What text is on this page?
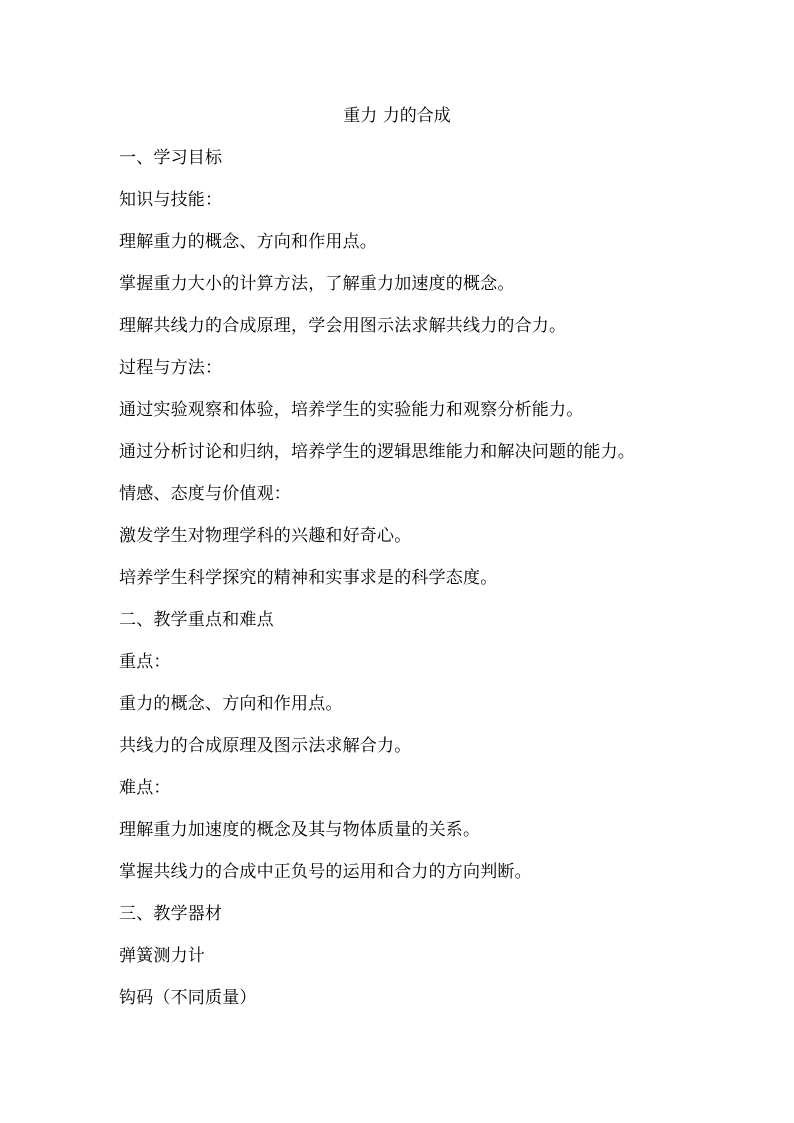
重力 力的合成
一、学习目标
知识与技能：
理解重力的概念、方向和作用点。
掌握重力大小的计算方法，了解重力加速度的概念。
理解共线力的合成原理，学会用图示法求解共线力的合力。
过程与方法：
通过实验观察和体验，培养学生的实验能力和观察分析能力。
通过分析讨论和归纳，培养学生的逻辑思维能力和解决问题的能力。
情感、态度与价值观：
激发学生对物理学科的兴趣和好奇心。
培养学生科学探究的精神和实事求是的科学态度。
二、教学重点和难点
重点：
重力的概念、方向和作用点。
共线力的合成原理及图示法求解合力。
难点：
理解重力加速度的概念及其与物体质量的关系。
掌握共线力的合成中正负号的运用和合力的方向判断。
三、教学器材
弹簧测力计
钩码（不同质量）
